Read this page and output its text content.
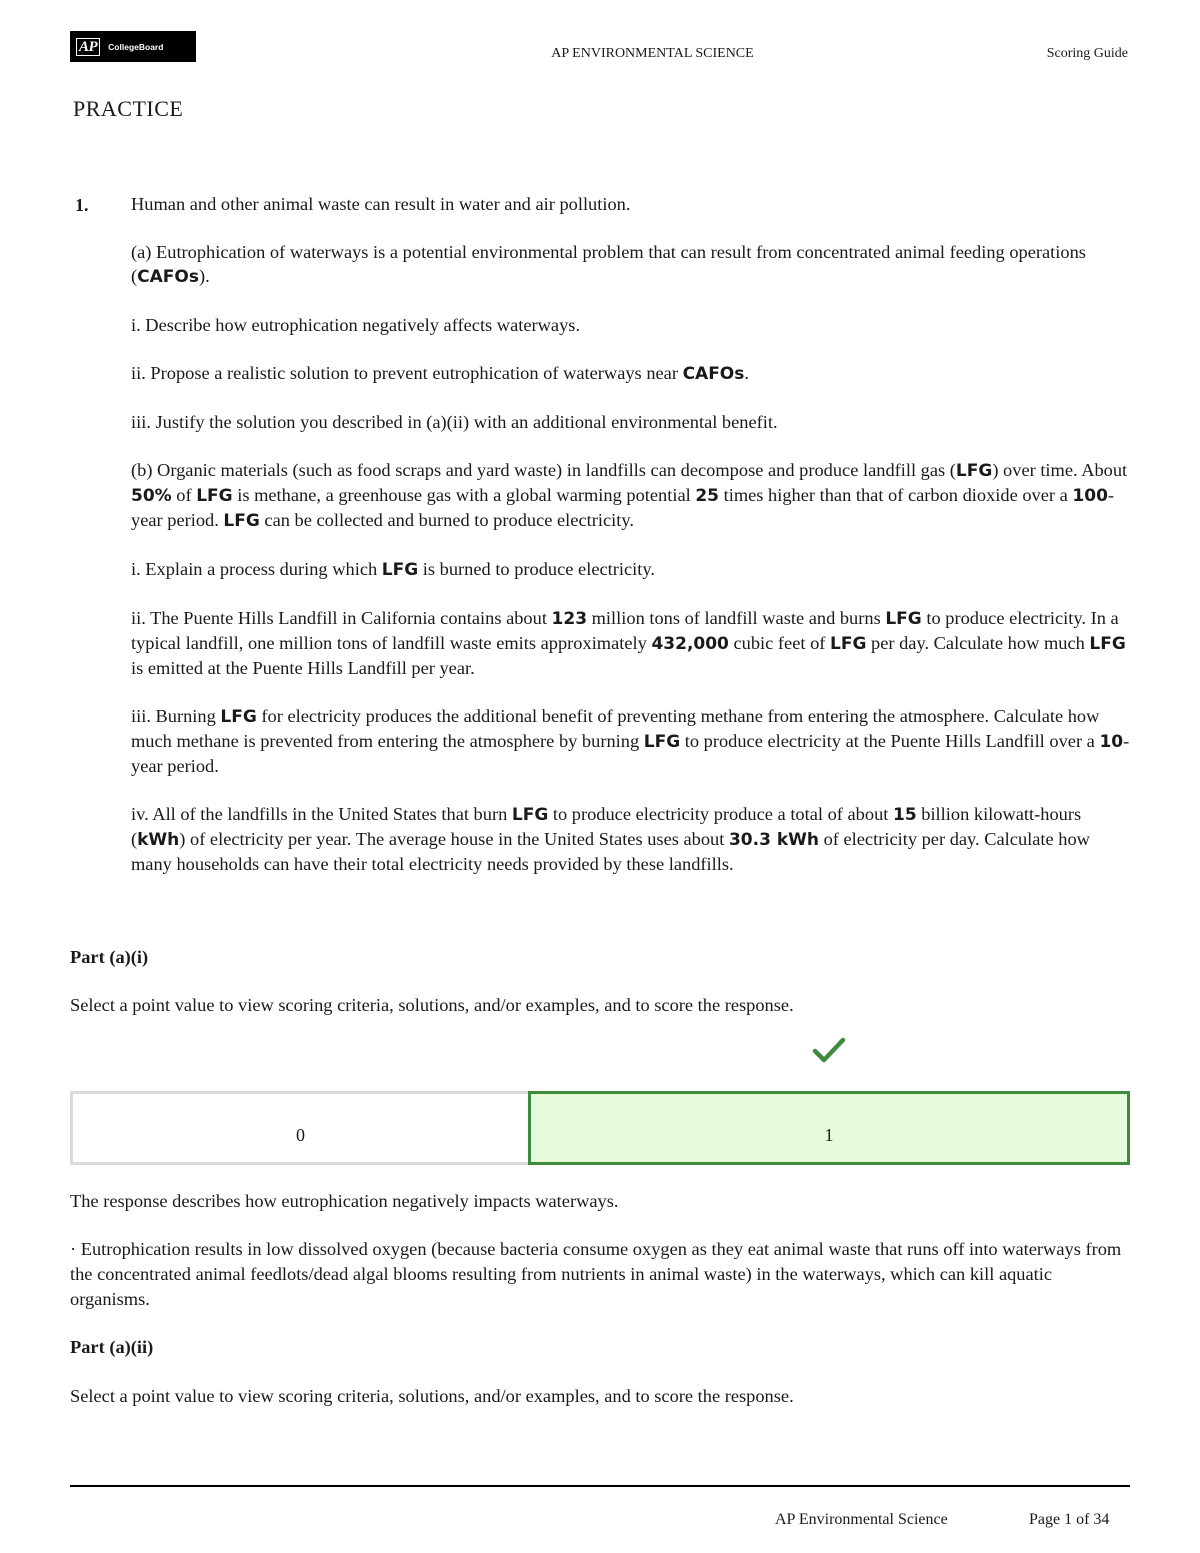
AP	CollegeBoard	AP ENVIRONMENTAL SCIENCE	Scoring Guide
PRACTICE
1. Human and other animal waste can result in water and air pollution.

(a) Eutrophication of waterways is a potential environmental problem that can result from concentrated animal feeding operations (CAFOs).

i. Describe how eutrophication negatively affects waterways.

ii. Propose a realistic solution to prevent eutrophication of waterways near CAFOs.

iii. Justify the solution you described in (a)(ii) with an additional environmental benefit.

(b) Organic materials (such as food scraps and yard waste) in landfills can decompose and produce landfill gas (LFG) over time. About 50% of LFG is methane, a greenhouse gas with a global warming potential 25 times higher than that of carbon dioxide over a 100-year period. LFG can be collected and burned to produce electricity.

i. Explain a process during which LFG is burned to produce electricity.

ii. The Puente Hills Landfill in California contains about 123 million tons of landfill waste and burns LFG to produce electricity. In a typical landfill, one million tons of landfill waste emits approximately 432,000 cubic feet of LFG per day. Calculate how much LFG is emitted at the Puente Hills Landfill per year.

iii. Burning LFG for electricity produces the additional benefit of preventing methane from entering the atmosphere. Calculate how much methane is prevented from entering the atmosphere by burning LFG to produce electricity at the Puente Hills Landfill over a 10-year period.

iv. All of the landfills in the United States that burn LFG to produce electricity produce a total of about 15 billion kilowatt-hours (kWh) of electricity per year. The average house in the United States uses about 30.3 kWh of electricity per day. Calculate how many households can have their total electricity needs provided by these landfills.

Part (a)(i)
Select a point value to view scoring criteria, solutions, and/or examples, and to score the response.
0	1
The response describes how eutrophication negatively impacts waterways.
· Eutrophication results in low dissolved oxygen (because bacteria consume oxygen as they eat animal waste that runs off into waterways from the concentrated animal feedlots/dead algal blooms resulting from nutrients in animal waste) in the waterways, which can kill aquatic organisms.
Part (a)(ii)
Select a point value to view scoring criteria, solutions, and/or examples, and to score the response.
AP Environmental Science	Page 1 of 34
